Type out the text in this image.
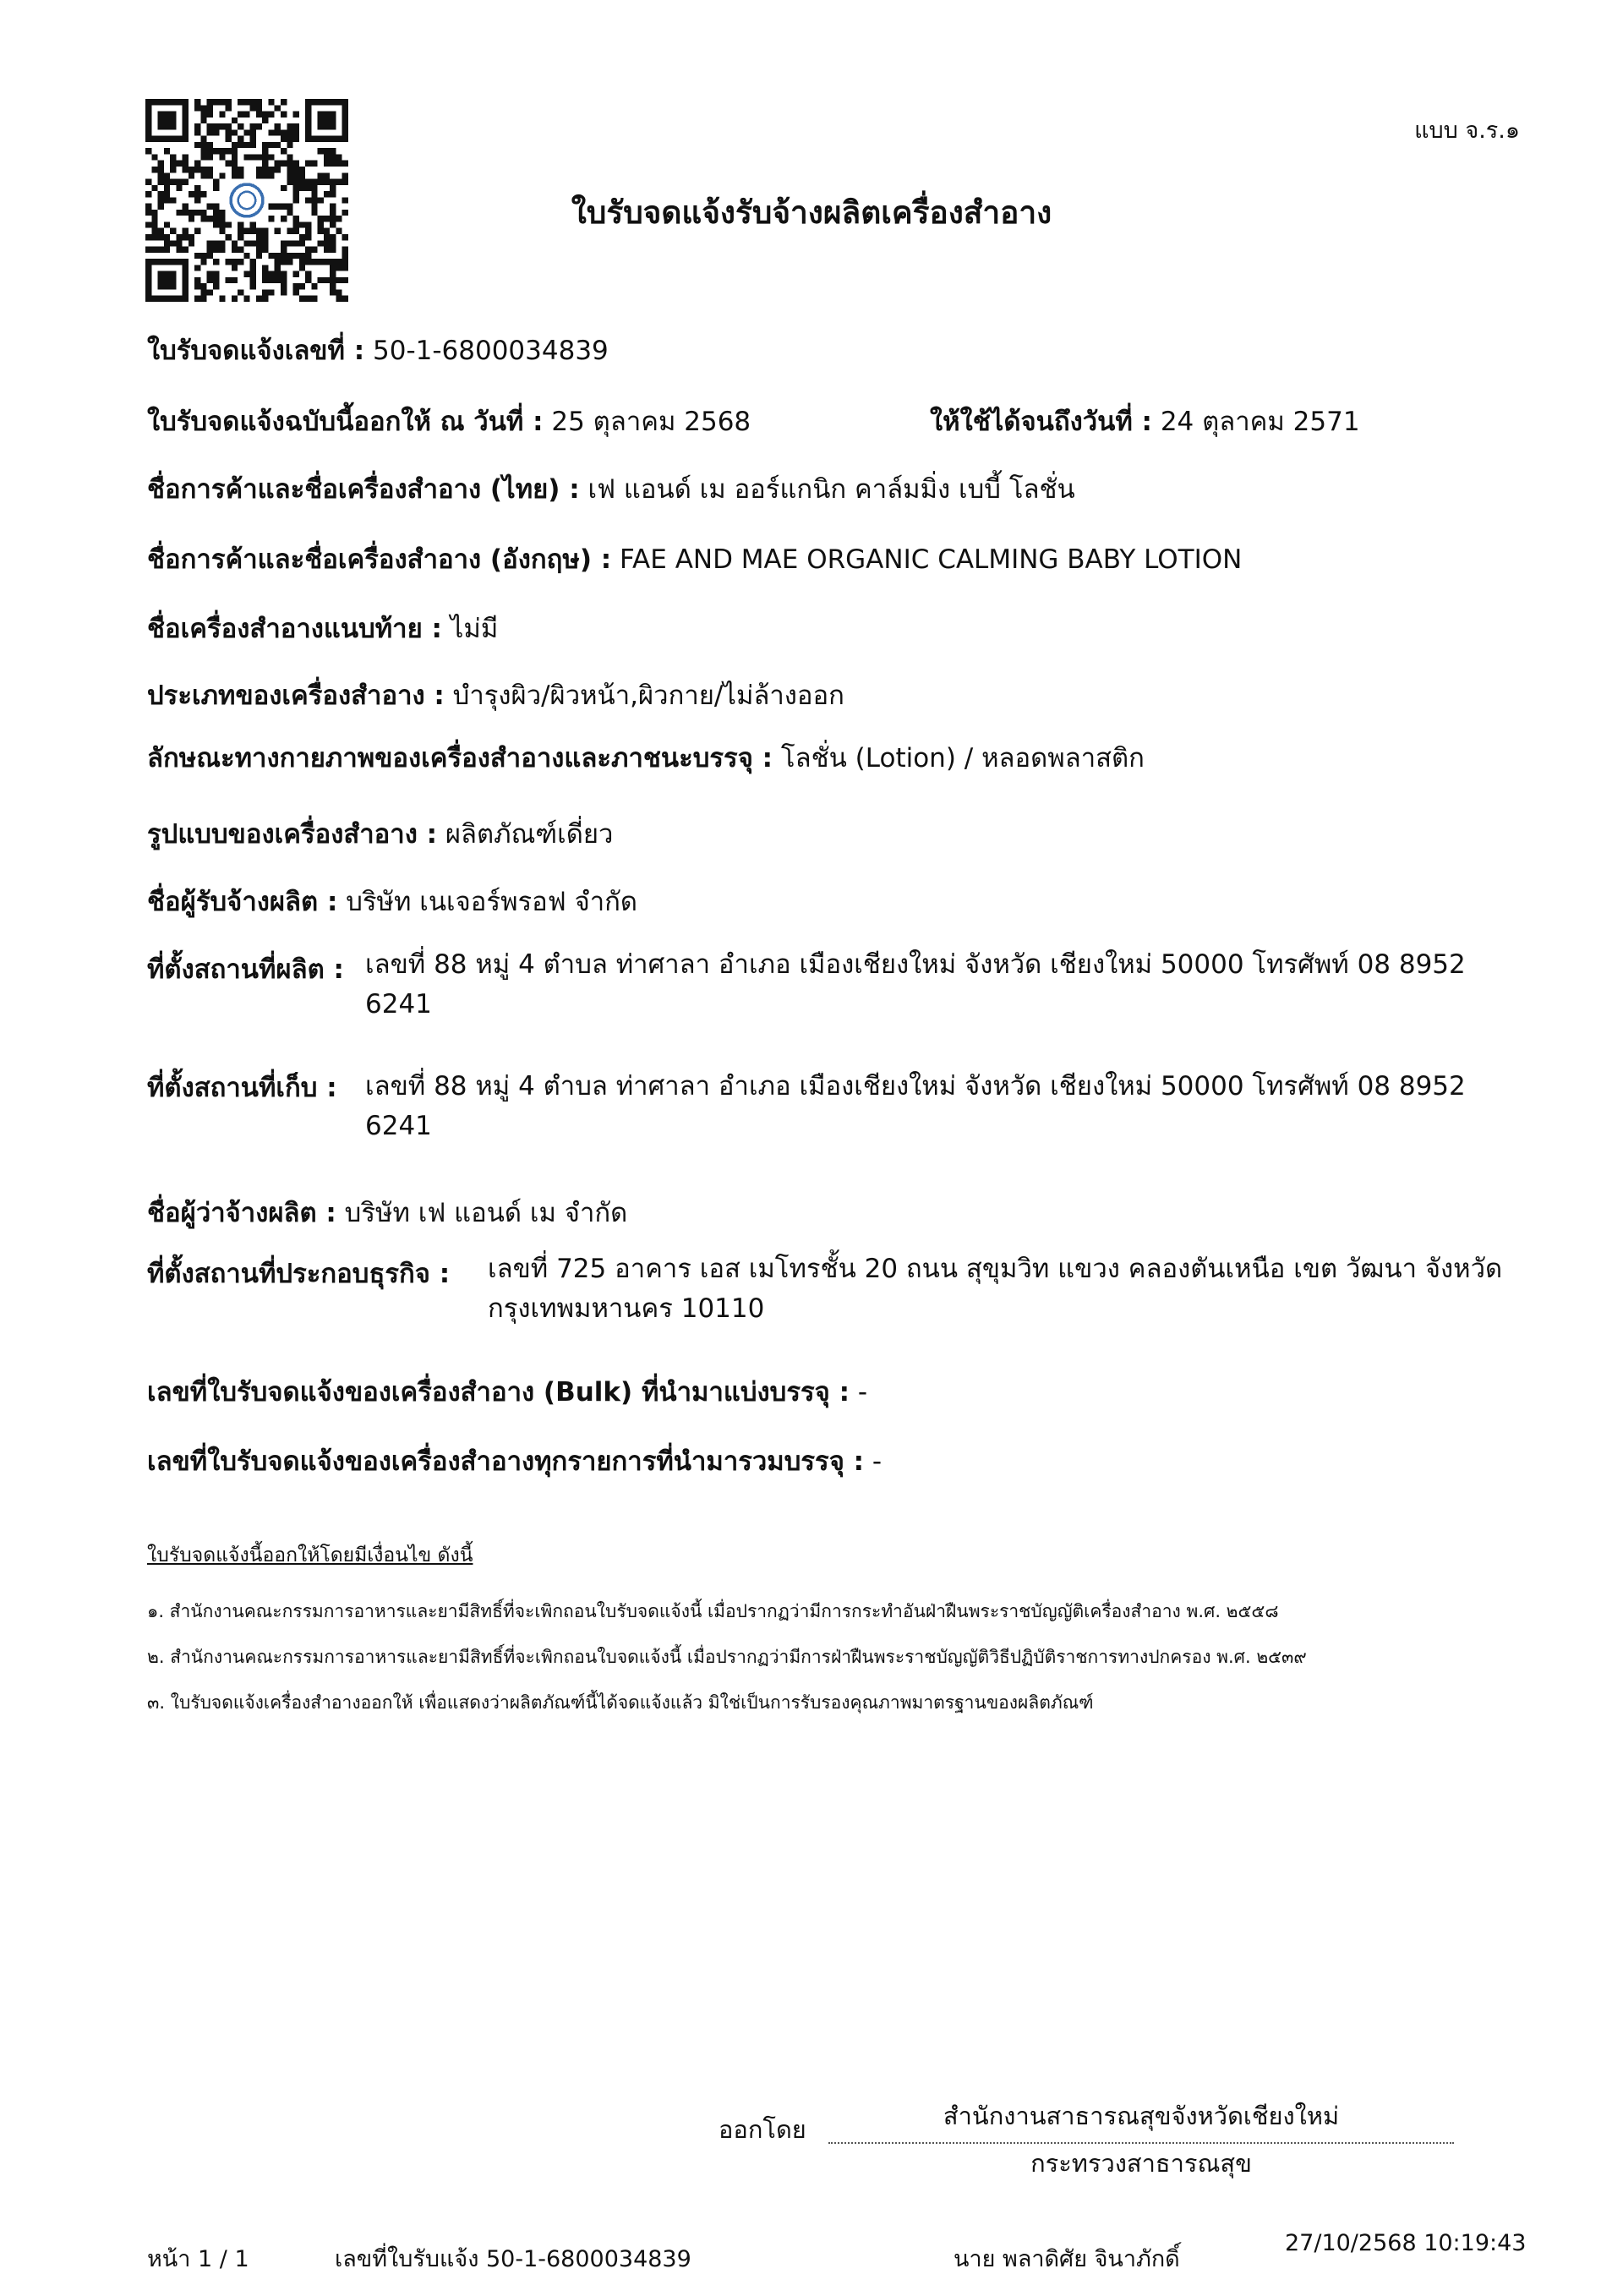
แบบ จ.ร.๑
ใบรับจดแจ้งรับจ้างผลิตเครื่องสำอาง
ใบรับจดแจ้งเลขที่ : 50-1-6800034839
ใบรับจดแจ้งฉบับนี้ออกให้ ณ วันที่ : 25 ตุลาคม 2568	ให้ใช้ได้จนถึงวันที่ : 24 ตุลาคม 2571
ชื่อการค้าและชื่อเครื่องสำอาง (ไทย) : เฟ แอนด์ เม ออร์แกนิก คาล์มมิ่ง เบบี้ โลชั่น
ชื่อการค้าและชื่อเครื่องสำอาง (อังกฤษ) : FAE AND MAE ORGANIC CALMING BABY LOTION
ชื่อเครื่องสำอางแนบท้าย : ไม่มี
ประเภทของเครื่องสำอาง : บำรุงผิว/ผิวหน้า,ผิวกาย/ไม่ล้างออก
ลักษณะทางกายภาพของเครื่องสำอางและภาชนะบรรจุ : โลชั่น (Lotion) / หลอดพลาสติก
รูปแบบของเครื่องสำอาง : ผลิตภัณฑ์เดี่ยว
ชื่อผู้รับจ้างผลิต : บริษัท เนเจอร์พรอฟ จำกัด
ที่ตั้งสถานที่ผลิต : เลขที่ 88 หมู่ 4 ตำบล ท่าศาลา อำเภอ เมืองเชียงใหม่ จังหวัด เชียงใหม่ 50000 โทรศัพท์ 08 8952 6241
ที่ตั้งสถานที่เก็บ : เลขที่ 88 หมู่ 4 ตำบล ท่าศาลา อำเภอ เมืองเชียงใหม่ จังหวัด เชียงใหม่ 50000 โทรศัพท์ 08 8952 6241
ชื่อผู้ว่าจ้างผลิต : บริษัท เฟ แอนด์ เม จำกัด
ที่ตั้งสถานที่ประกอบธุรกิจ : เลขที่ 725 อาคาร เอส เมโทรชั้น 20 ถนน สุขุมวิท แขวง คลองตันเหนือ เขต วัฒนา จังหวัด กรุงเทพมหานคร 10110
เลขที่ใบรับจดแจ้งของเครื่องสำอาง (Bulk) ที่นำมาแบ่งบรรจุ : -
เลขที่ใบรับจดแจ้งของเครื่องสำอางทุกรายการที่นำมารวมบรรจุ : -
ใบรับจดแจ้งนี้ออกให้โดยมีเงื่อนไข ดังนี้
๑. สำนักงานคณะกรรมการอาหารและยามีสิทธิ์ที่จะเพิกถอนใบรับจดแจ้งนี้ เมื่อปรากฏว่ามีการกระทำอันฝ่าฝืนพระราชบัญญัติเครื่องสำอาง พ.ศ. ๒๕๕๘
๒. สำนักงานคณะกรรมการอาหารและยามีสิทธิ์ที่จะเพิกถอนใบจดแจ้งนี้ เมื่อปรากฏว่ามีการฝ่าฝืนพระราชบัญญัติวิธีปฏิบัติราชการทางปกครอง พ.ศ. ๒๕๓๙
๓. ใบรับจดแจ้งเครื่องสำอางออกให้ เพื่อแสดงว่าผลิตภัณฑ์นี้ได้จดแจ้งแล้ว มิใช่เป็นการรับรองคุณภาพมาตรฐานของผลิตภัณฑ์
ออกโดย	สำนักงานสาธารณสุขจังหวัดเชียงใหม่
กระทรวงสาธารณสุข
หน้า 1 / 1	เลขที่ใบรับแจ้ง 50-1-6800034839	นาย พลาดิศัย จินาภักดิ์
27/10/2568 10:19:43
